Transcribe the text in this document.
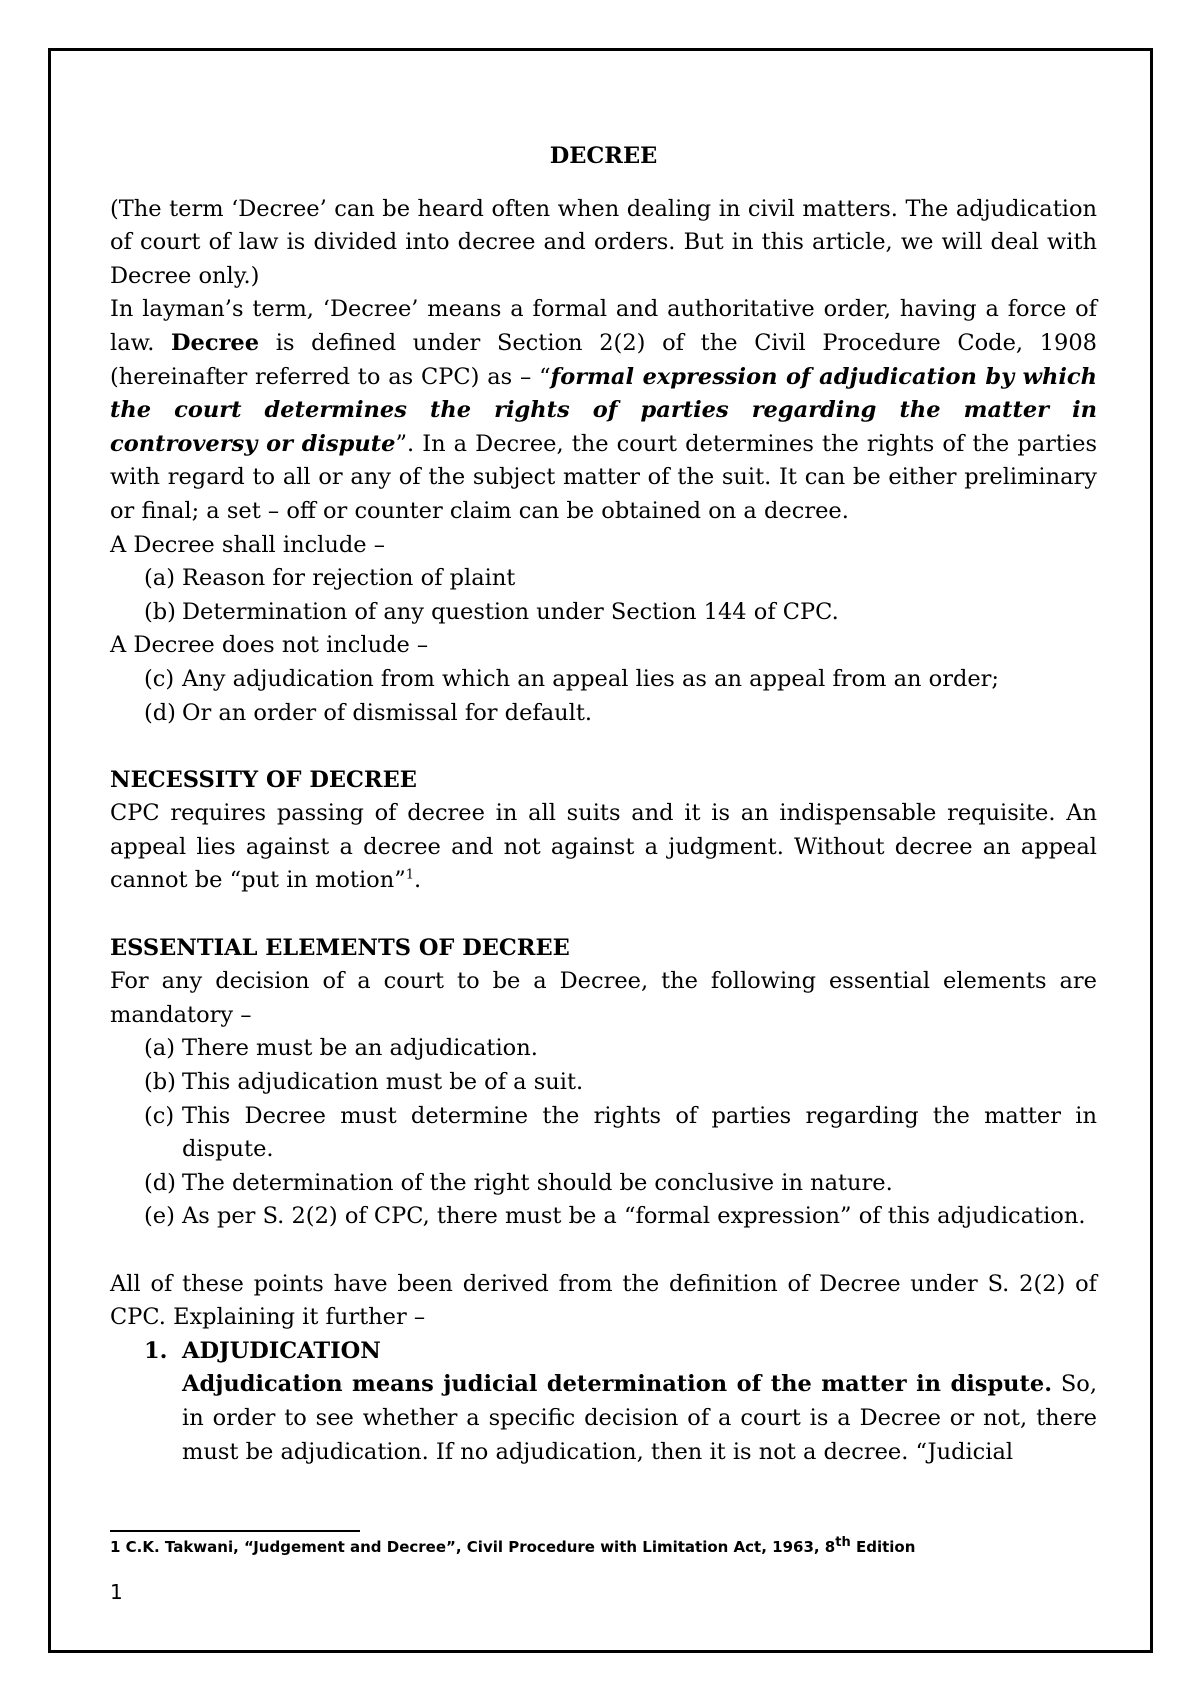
DECREE

(The term ‘Decree’ can be heard often when dealing in civil matters. The adjudication of court of law is divided into decree and orders. But in this article, we will deal with Decree only.)

In layman’s term, ‘Decree’ means a formal and authoritative order, having a force of law. Decree is defined under Section 2(2) of the Civil Procedure Code, 1908 (hereinafter referred to as CPC) as – “formal expression of adjudication by which the court determines the rights of parties regarding the matter in controversy or dispute”. In a Decree, the court determines the rights of the parties with regard to all or any of the subject matter of the suit. It can be either preliminary or final; a set – off or counter claim can be obtained on a decree.

A Decree shall include –

(a) Reason for rejection of plaint
(b) Determination of any question under Section 144 of CPC.

A Decree does not include –

(c) Any adjudication from which an appeal lies as an appeal from an order;
(d) Or an order of dismissal for default.

NECESSITY OF DECREE

CPC requires passing of decree in all suits and it is an indispensable requisite. An appeal lies against a decree and not against a judgment. Without decree an appeal cannot be “put in motion”$^1$.

ESSENTIAL ELEMENTS OF DECREE

For any decision of a court to be a Decree, the following essential elements are mandatory –

(a) There must be an adjudication.
(b) This adjudication must be of a suit.
(c) This Decree must determine the rights of parties regarding the matter in dispute.
(d) The determination of the right should be conclusive in nature.
(e) As per S. 2(2) of CPC, there must be a “formal expression” of this adjudication.

All of these points have been derived from the definition of Decree under S. 2(2) of CPC. Explaining it further –

1. ADJUDICATION
Adjudication means judicial determination of the matter in dispute. So, in order to see whether a specific decision of a court is a Decree or not, there must be adjudication. If no adjudication, then it is not a decree. “Judicial
1 C.K. Takwani, “Judgement and Decree”, Civil Procedure with Limitation Act, 1963, 8th Edition
1
